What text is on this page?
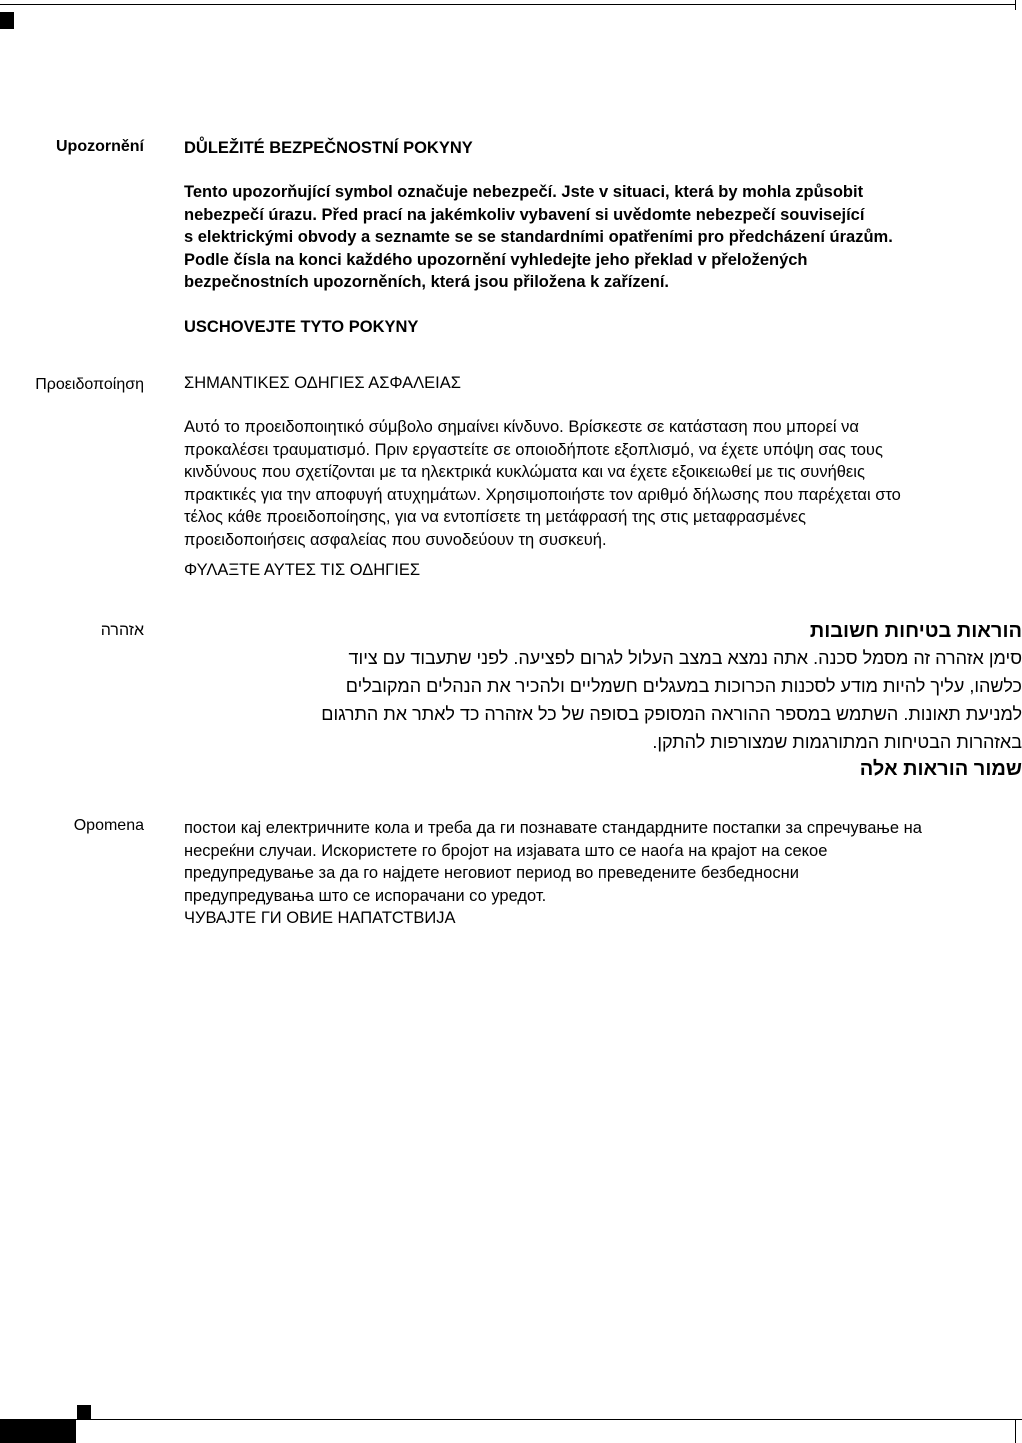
Upozornění DŮLEŽITÉ BEZPEČNOSTNÍ POKYNY

Tento upozorňující symbol označuje nebezpečí. Jste v situaci, která by mohla způsobit

nebezpečí úrazu. Před prací na jakémkoliv vybavení si uvědomte nebezpečí související

s elektrickými obvody a seznamte se se standardními opatřeními pro předcházení úrazům.

Podle čísla na konci každého upozornění vyhledejte jeho překlad v přeložených

bezpečnostních upozorněních, která jsou přiložena k zařízení.

USCHOVEJTE TYTO POKYNY
Προειδοποίηση ΣΗΜΑΝΤΙΚΕΣ ΟΔΗΓΙΕΣ ΑΣΦΑΛΕΙΑΣ

Αυτό το προειδοποιητικό σύμβολο σημαίνει κίνδυνο. Βρίσκεστε σε κατάσταση που μπορεί να

προκαλέσει τραυματισμό. Πριν εργαστείτε σε οποιοδήποτε εξοπλισμό, να έχετε υπόψη σας τους

κινδύνους που σχετίζονται με τα ηλεκτρικά κυκλώματα και να έχετε εξοικειωθεί με τις συνήθεις

πρακτικές για την αποφυγή ατυχημάτων. Χρησιμοποιήστε τον αριθμό δήλωσης που παρέχεται στο

τέλος κάθε προειδοποίησης, για να εντοπίσετε τη μετάφρασή της στις μεταφρασμένες

προειδοποιήσεις ασφαλείας που συνοδεύουν τη συσκευή.

ΦΥΛΑΞΤΕ ΑΥΤΕΣ ΤΙΣ ΟΔΗΓΙΕΣ
אזהרה	הוראות בטיחות חשובות

סימן אזהרה זה מסמל סכנה. אתה נמצא במצב העלול לגרום לפציעה. לפני שתעבוד עם ציוד

כלשהו, עליך להיות מודע לסכנות הכרוכות במעגלים חשמליים ולהכיר את הנהלים המקובלים

למניעת תאונות. השתמש במספר ההוראה המסופק בסופה של כל אזהרה כד לאתר את התרגום

באזהרות הבטיחות המתורגמות שמצורפות להתקן.

שמור הוראות אלה

Opomena постои кај електричните кола и треба да ги познавате стандардните постапки за спречување на

несреќни случаи. Искористете го бројот на изјавата што се наоѓа на крајот на секое

предупредување за да го најдете неговиот период во преведените безбедносни

предупредувања што се испорачани со уредот.

ЧУВАЈТЕ ГИ ОВИЕ НАПАТСТВИЈА
